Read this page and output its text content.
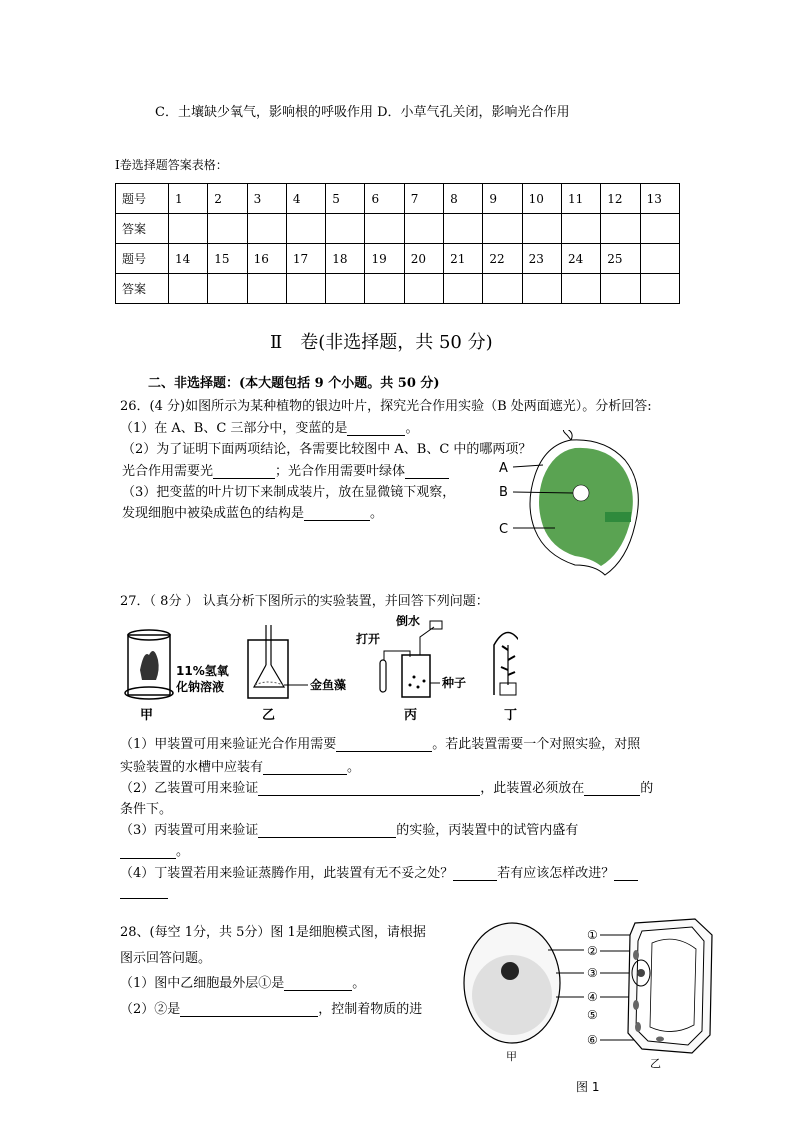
C．土壤缺少氧气，影响根的呼吸作用 D．小草气孔关闭，影响光合作用
I卷选择题答案表格：
题号	1	2	3	4	5	6	7	8	9	10	11	12	13
答案													
题号	14	15	16	17	18	19	20	21	22	23	24	25	
答案													
Ⅱ　卷(非选择题，共 50 分)
二、非选择题：(本大题包括 9 个小题。共 50 分)
26．(4 分)如图所示为某种植物的银边叶片，探究光合作用实验（B 处两面遮光）。分析回答:
（1）在 A、B、C 三部分中，变蓝的是	。
（2）为了证明下面两项结论，各需要比较图中 A、B、C 中的哪两项？
光合作用需要光	；光合作用需要叶绿体
（3）把变蓝的叶片切下来制成装片，放在显微镜下观察，
发现细胞中被染成蓝色的结构是	。
A
B
C
27．（ 8分 ） 认真分析下图所示的实验装置，并回答下列问题：
11%氢氧
化钠溶液
甲
金鱼藻
乙
打开
倒水
种子
丙	丁
（1）甲装置可用来验证光合作用需要	。若此装置需要一个对照实验，对照
实验装置的水槽中应装有	。
（2）乙装置可用来验证	，此装置必须放在	的
条件下。
（3）丙装置可用来验证	的实验，丙装置中的试管内盛有
。
（4）丁装置若用来验证蒸腾作用，此装置有无不妥之处？	若有应该怎样改进？
28、(每空 1分，共 5分）图 1是细胞模式图，请根据
图示回答问题。
（1）图中乙细胞最外层①是	。
（2）②是	，控制着物质的进
甲
①
②
③
④
⑤
⑥
乙
图 1
